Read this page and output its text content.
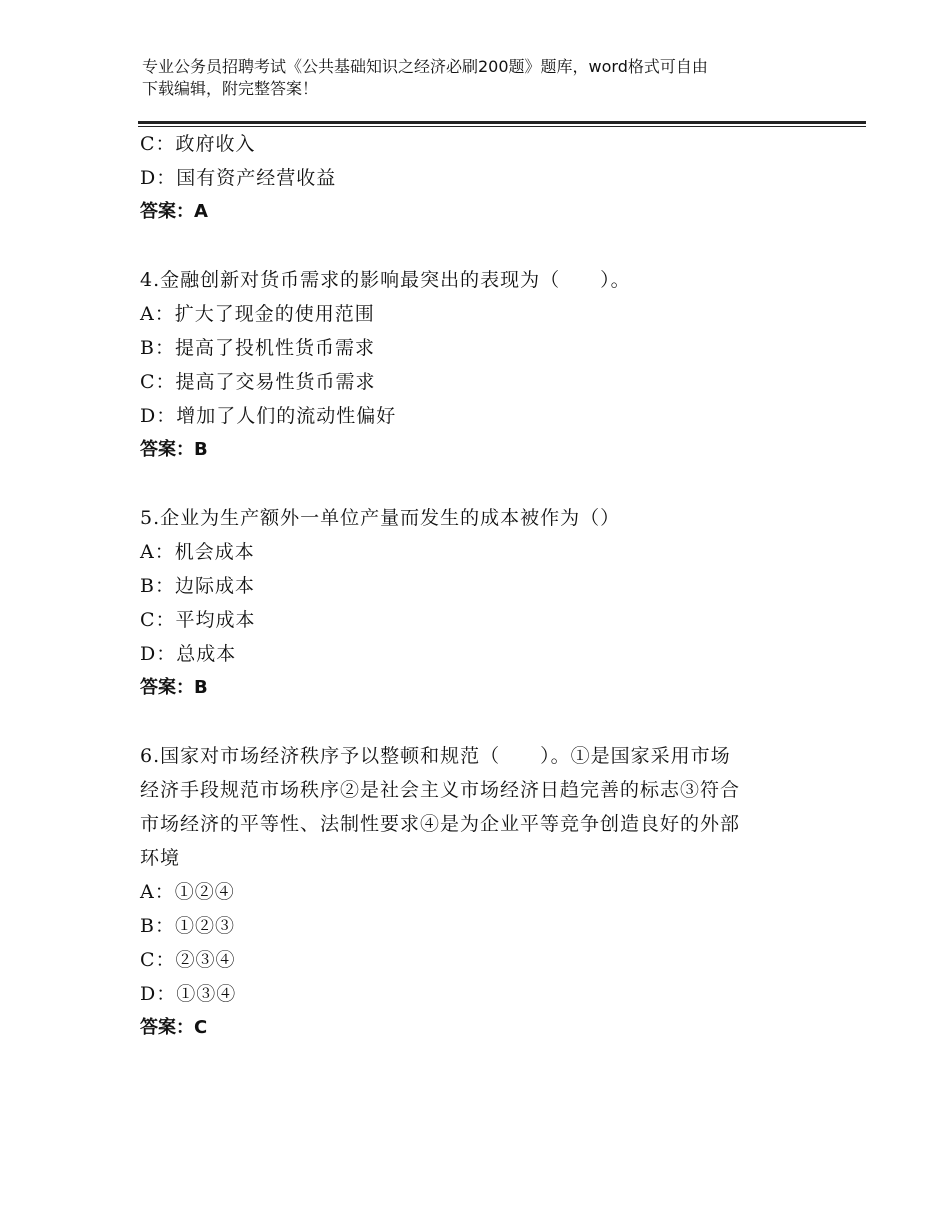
专业公务员招聘考试《公共基础知识之经济必刷200题》题库，word格式可自由
下载编辑，附完整答案！
C：政府收入
D：国有资产经营收益
答案：A
4.金融创新对货币需求的影响最突出的表现为（　　）。
A：扩大了现金的使用范围
B：提高了投机性货币需求
C：提高了交易性货币需求
D：增加了人们的流动性偏好
答案：B
5.企业为生产额外一单位产量而发生的成本被作为（）
A：机会成本
B：边际成本
C：平均成本
D：总成本
答案：B
6.国家对市场经济秩序予以整顿和规范（　　）。①是国家采用市场
经济手段规范市场秩序②是社会主义市场经济日趋完善的标志③符合
市场经济的平等性、法制性要求④是为企业平等竞争创造良好的外部
环境
A：①②④
B：①②③
C：②③④
D：①③④
答案：C
